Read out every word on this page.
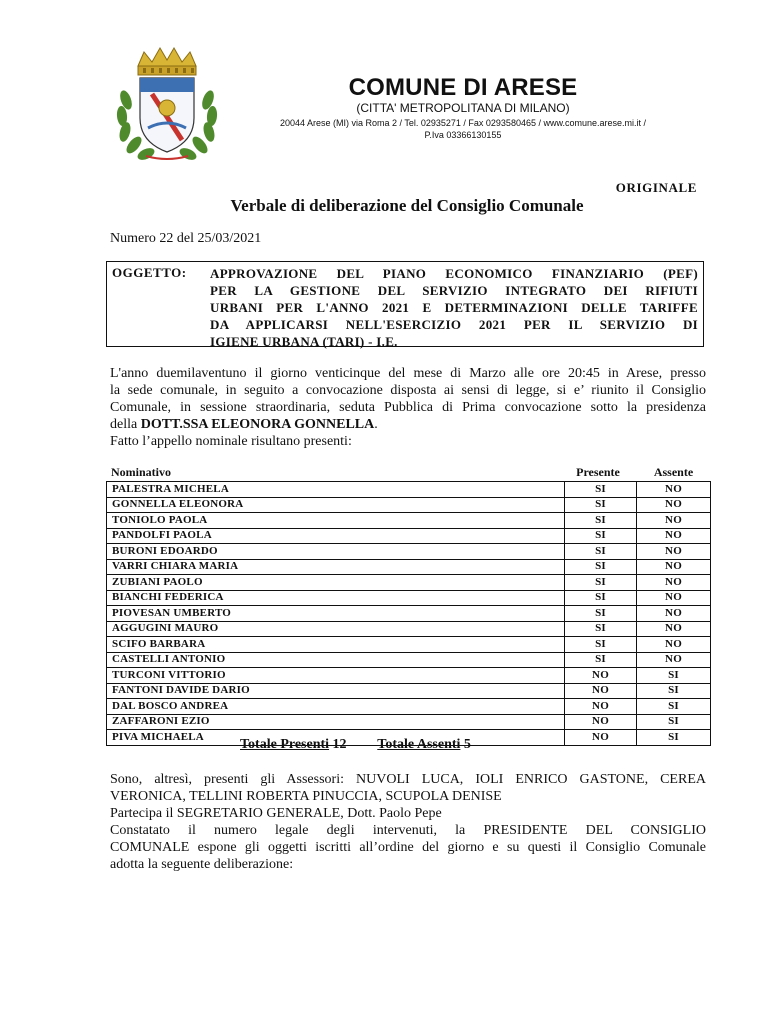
COMUNE DI ARESE
(CITTA' METROPOLITANA DI MILANO)
20044 Arese (MI) via Roma 2 / Tel. 02935271 / Fax 0293580465 / www.comune.arese.mi.it /
P.Iva 03366130155
ORIGINALE
Verbale di deliberazione del Consiglio Comunale
Numero 22 del 25/03/2021
OGGETTO: APPROVAZIONE DEL PIANO ECONOMICO FINANZIARIO (PEF)
PER LA GESTIONE DEL SERVIZIO INTEGRATO DEI RIFIUTI
URBANI PER L'ANNO 2021 E DETERMINAZIONI DELLE TARIFFE
DA APPLICARSI NELL'ESERCIZIO 2021 PER IL SERVIZIO DI
IGIENE URBANA (TARI) - I.E.
L'anno duemilaventuno il giorno venticinque del mese di Marzo alle ore 20:45 in Arese, presso
la sede comunale, in seguito a convocazione disposta ai sensi di legge, si e’ riunito il Consiglio
Comunale, in sessione straordinaria, seduta Pubblica di Prima convocazione sotto la presidenza
della DOTT.SSA ELEONORA GONNELLA.
Fatto l’appello nominale risultano presenti:
Nominativo	Presente	Assente
PALESTRA MICHELA	SI	NO
GONNELLA ELEONORA	SI	NO
TONIOLO PAOLA	SI	NO
PANDOLFI PAOLA	SI	NO
BURONI EDOARDO	SI	NO
VARRI CHIARA MARIA	SI	NO
ZUBIANI PAOLO	SI	NO
BIANCHI FEDERICA	SI	NO
PIOVESAN UMBERTO	SI	NO
AGGUGINI MAURO	SI	NO
SCIFO BARBARA	SI	NO
CASTELLI ANTONIO	SI	NO
TURCONI VITTORIO	NO	SI
FANTONI DAVIDE DARIO	NO	SI
DAL BOSCO ANDREA	NO	SI
ZAFFARONI EZIO	NO	SI
PIVA MICHAELA	NO	SI
Totale Presenti 12 Totale Assenti 5
Sono, altresì, presenti gli Assessori: NUVOLI LUCA, IOLI ENRICO GASTONE, CEREA
VERONICA, TELLINI ROBERTA PINUCCIA, SCUPOLA DENISE
Partecipa il SEGRETARIO GENERALE, Dott. Paolo Pepe
Constatato il numero legale degli intervenuti, la PRESIDENTE DEL CONSIGLIO
COMUNALE espone gli oggetti iscritti all’ordine del giorno e su questi il Consiglio Comunale
adotta la seguente deliberazione:
